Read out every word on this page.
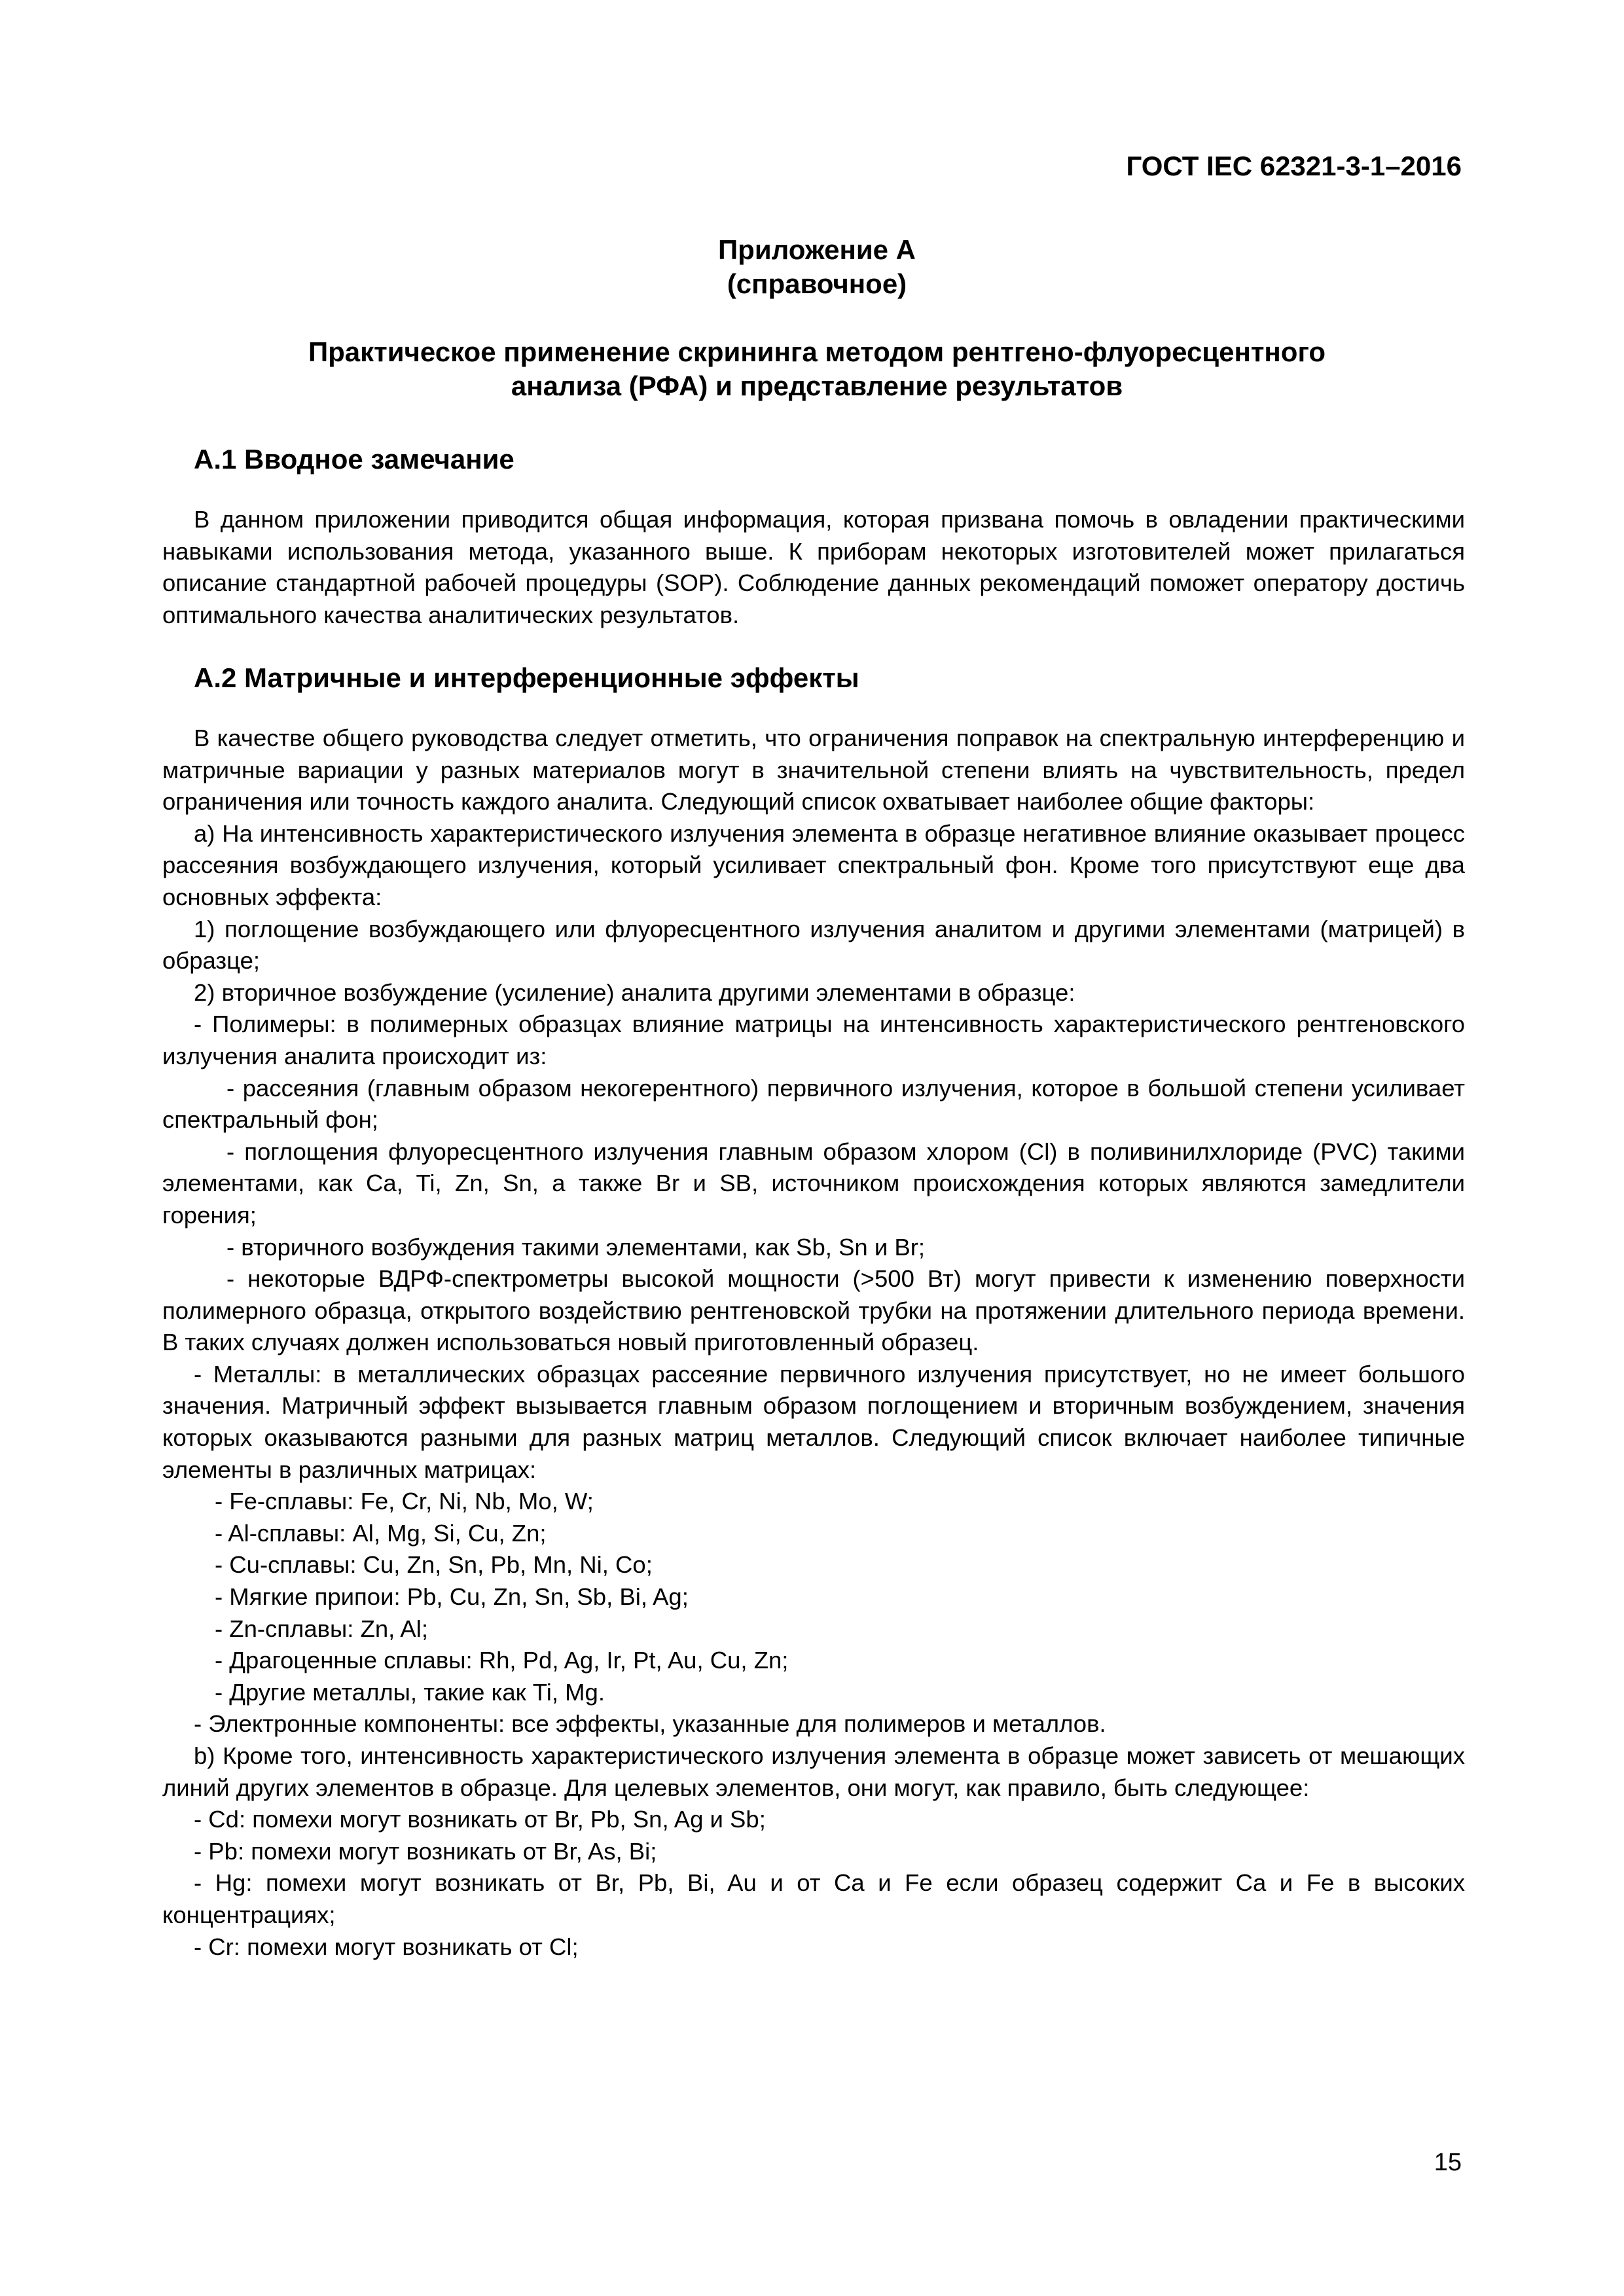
ГОСТ IEC 62321-3-1–2016
Приложение А
(справочное)
Практическое применение скрининга методом рентгено-флуоресцентного
анализа (РФА) и представление результатов
А.1 Вводное замечание

В данном приложении приводится общая информация, которая призвана помочь в овладении практическими навыками использования метода, указанного выше. К приборам некоторых изготовителей может прилагаться описание стандартной рабочей процедуры (SOP). Соблюдение данных рекомендаций поможет оператору достичь оптимального качества аналитических результатов.

А.2 Матричные и интерференционные эффекты

В качестве общего руководства следует отметить, что ограничения поправок на спектральную интерференцию и матричные вариации у разных материалов могут в значительной степени влиять на чувствительность, предел ограничения или точность каждого аналита. Следующий список охватывает наиболее общие факторы:

а) На интенсивность характеристического излучения элемента в образце негативное влияние оказывает процесс рассеяния возбуждающего излучения, который усиливает спектральный фон. Кроме того присутствуют еще два основных эффекта:

1) поглощение возбуждающего или флуоресцентного излучения аналитом и другими элементами (матрицей) в образце;

2) вторичное возбуждение (усиление) аналита другими элементами в образце:

- Полимеры: в полимерных образцах влияние матрицы на интенсивность характеристического рентгеновского излучения аналита происходит из:

- рассеяния (главным образом некогерентного) первичного излучения, которое в большой степени усиливает спектральный фон;

- поглощения флуоресцентного излучения главным образом хлором (Cl) в поливинилхлориде (PVC) такими элементами, как Ca, Ti, Zn, Sn, а также Br и SB, источником происхождения которых являются замедлители горения;

- вторичного возбуждения такими элементами, как Sb, Sn и Br;

- некоторые ВДРФ-спектрометры высокой мощности (>500 Вт) могут привести к изменению поверхности полимерного образца, открытого воздействию рентгеновской трубки на протяжении длительного периода времени. В таких случаях должен использоваться новый приготовленный образец.

- Металлы: в металлических образцах рассеяние первичного излучения присутствует, но не имеет большого значения. Матричный эффект вызывается главным образом поглощением и вторичным возбуждением, значения которых оказываются разными для разных матриц металлов. Следующий список включает наиболее типичные элементы в различных матрицах:

- Fe-сплавы: Fe, Cr, Ni, Nb, Mo, W;

- Al-сплавы: Al, Mg, Si, Cu, Zn;

- Cu-сплавы: Cu, Zn, Sn, Pb, Mn, Ni, Co;

- Мягкие припои: Pb, Cu, Zn, Sn, Sb, Bi, Ag;

- Zn-сплавы: Zn, Al;

- Драгоценные сплавы: Rh, Pd, Ag, Ir, Pt, Au, Cu, Zn;

- Другие металлы, такие как Ti, Mg.

- Электронные компоненты: все эффекты, указанные для полимеров и металлов.

b) Кроме того, интенсивность характеристического излучения элемента в образце может зависеть от мешающих линий других элементов в образце. Для целевых элементов, они могут, как правило, быть следующее:

- Cd: помехи могут возникать от Br, Pb, Sn, Ag и Sb;

- Pb: помехи могут возникать от Br, As, Bi;

- Hg: помехи могут возникать от Br, Pb, Bi, Au и от Ca и Fe если образец содержит Ca и Fe в высоких концентрациях;

- Cr: помехи могут возникать от Cl;

15
